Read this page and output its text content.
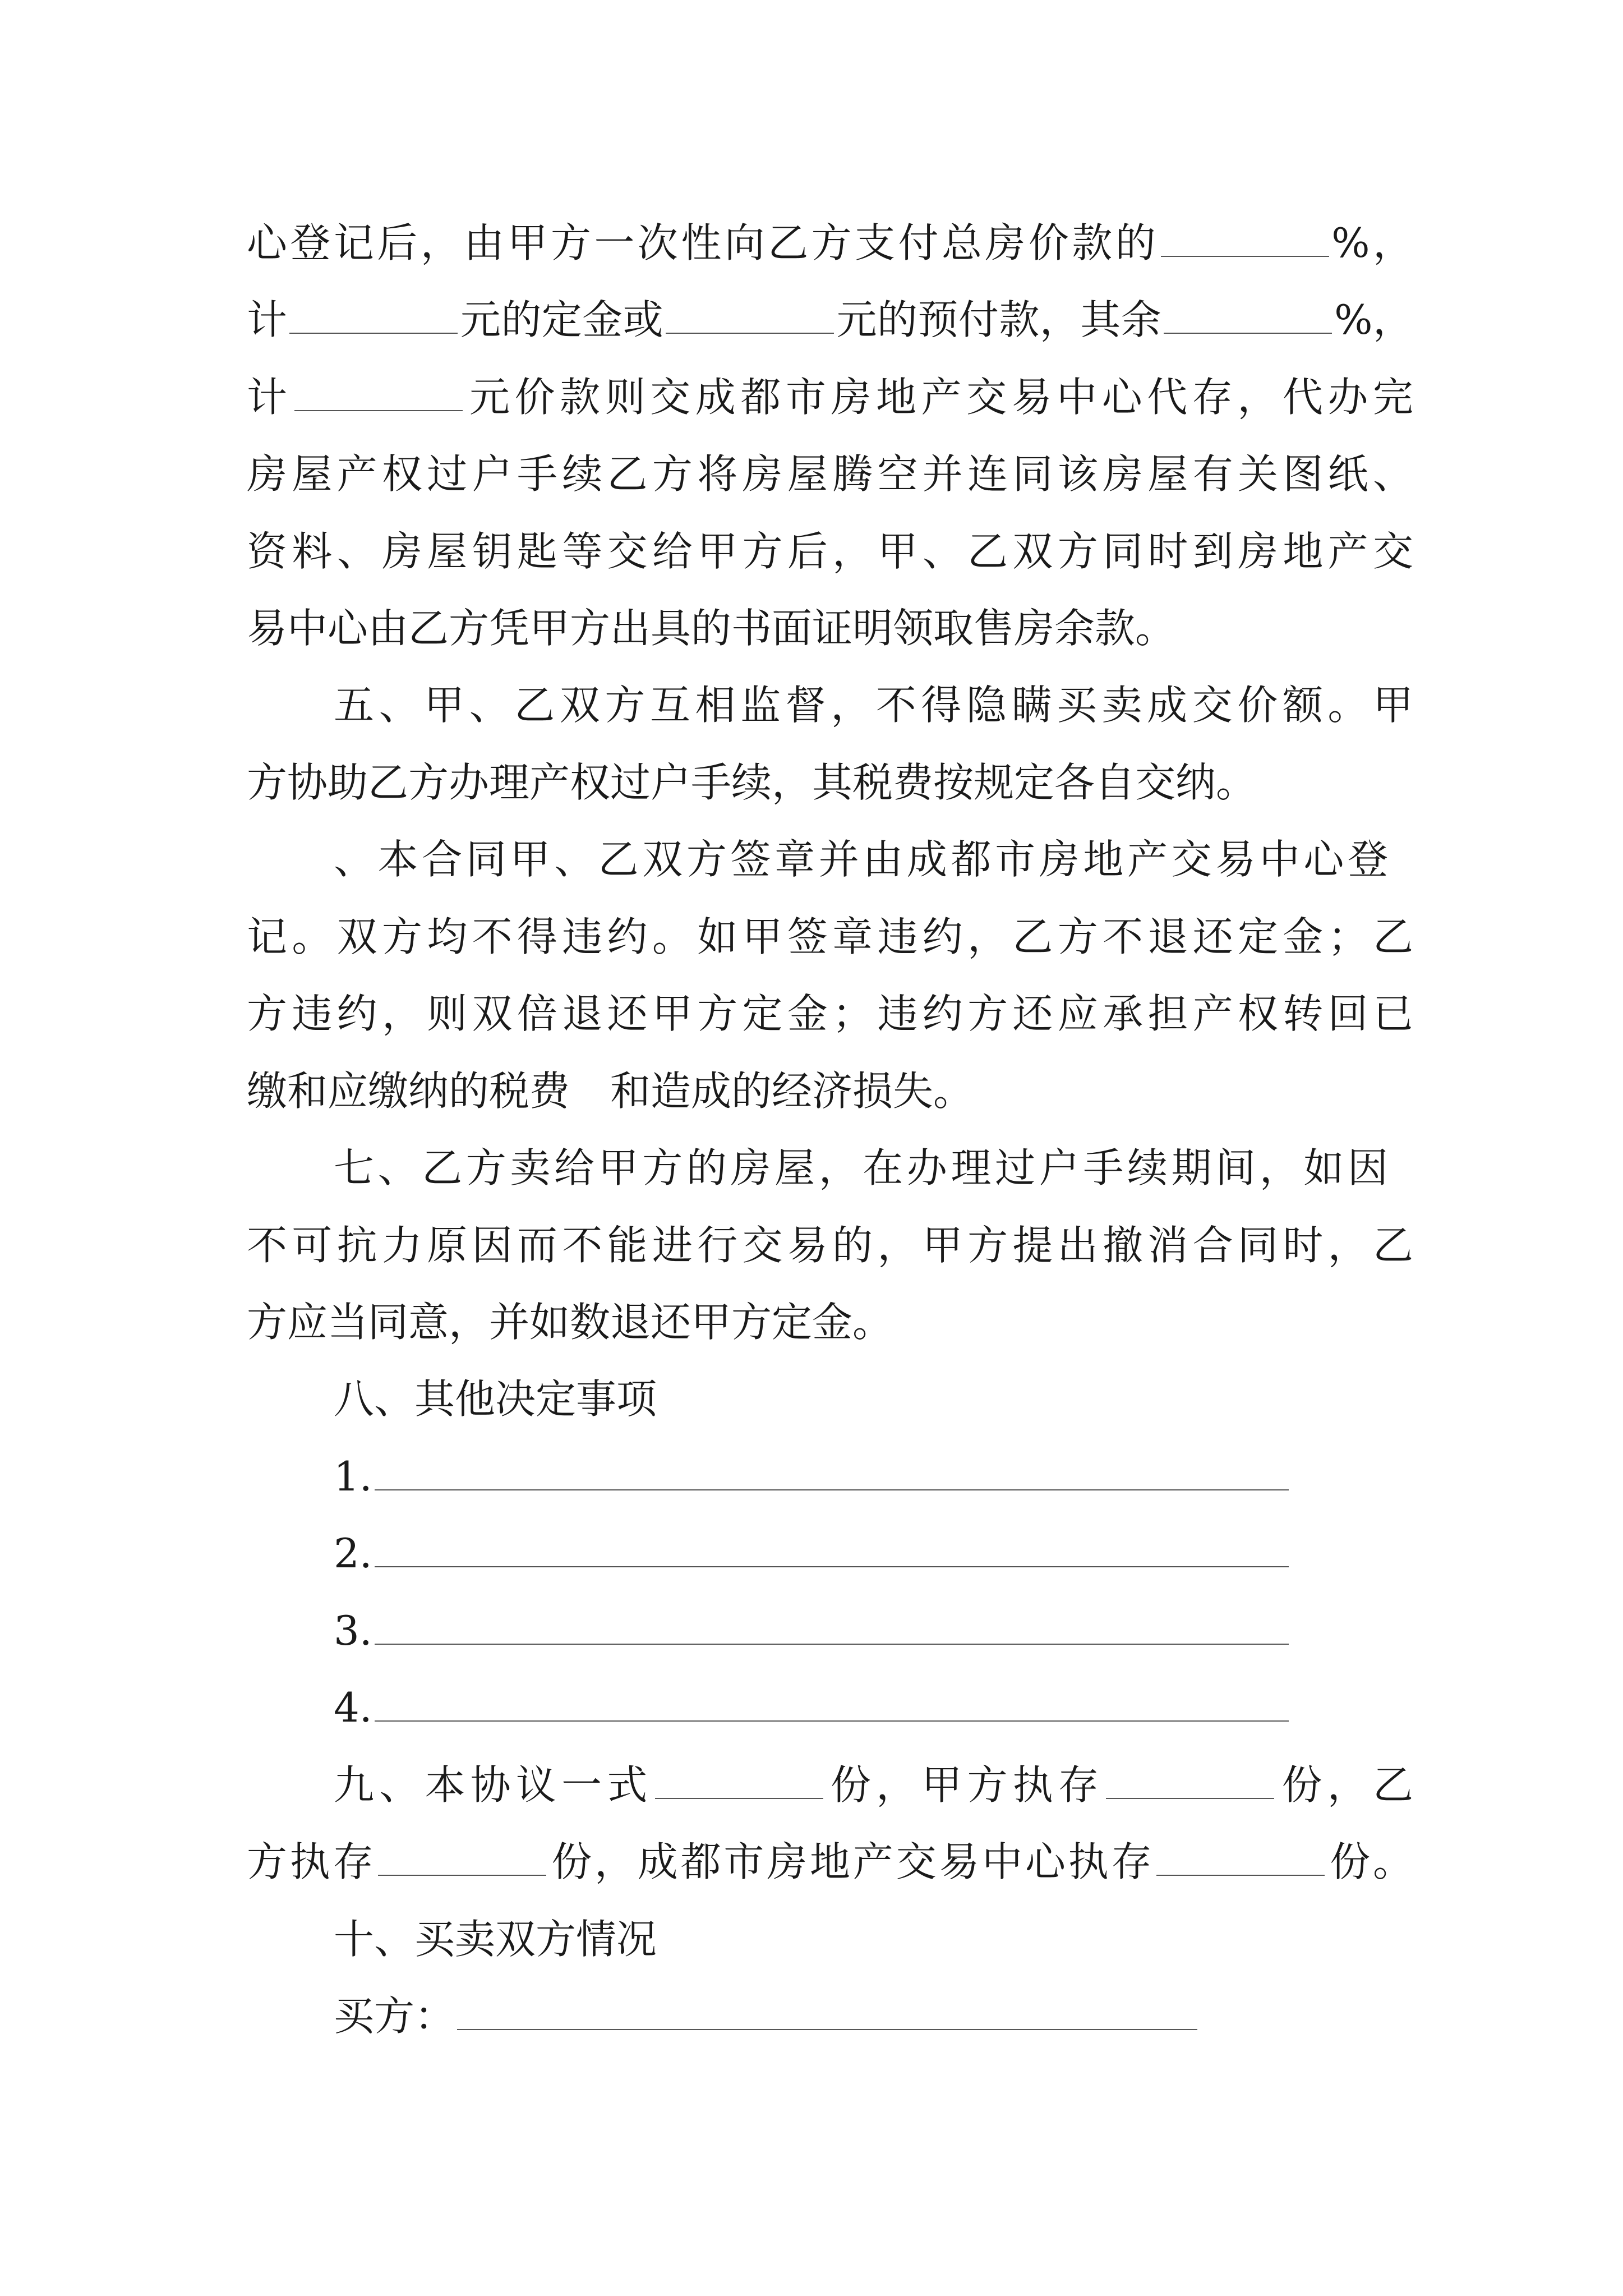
心登记后，由甲方一次性向乙方支付总房价款的	%，
计	元的定金或	元的预付款，其余	%，
计	元价款则交成都市房地产交易中心代存，代办完
房屋产权过户手续乙方将房屋腾空并连同该房屋有关图纸、
资料、房屋钥匙等交给甲方后，甲、乙双方同时到房地产交
易中心由乙方凭甲方出具的书面证明领取售房余款。
五、甲、乙双方互相监督，不得隐瞒买卖成交价额。甲
方协助乙方办理产权过户手续，其税费按规定各自交纳。
、本合同甲、乙双方签章并由成都市房地产交易中心登
记。双方均不得违约。如甲签章违约，乙方不退还定金；乙
方违约，则双倍退还甲方定金；违约方还应承担产权转回已
缴和应缴纳的税费　和造成的经济损失。
七、乙方卖给甲方的房屋，在办理过户手续期间，如因
不可抗力原因而不能进行交易的，甲方提出撤消合同时，乙
方应当同意，并如数退还甲方定金。
八、其他决定事项
1.
2.
3.
4.
九、本协议一式	份，甲方执存	份，乙
方执存	份，成都市房地产交易中心执存	份。
十、买卖双方情况
买方：
